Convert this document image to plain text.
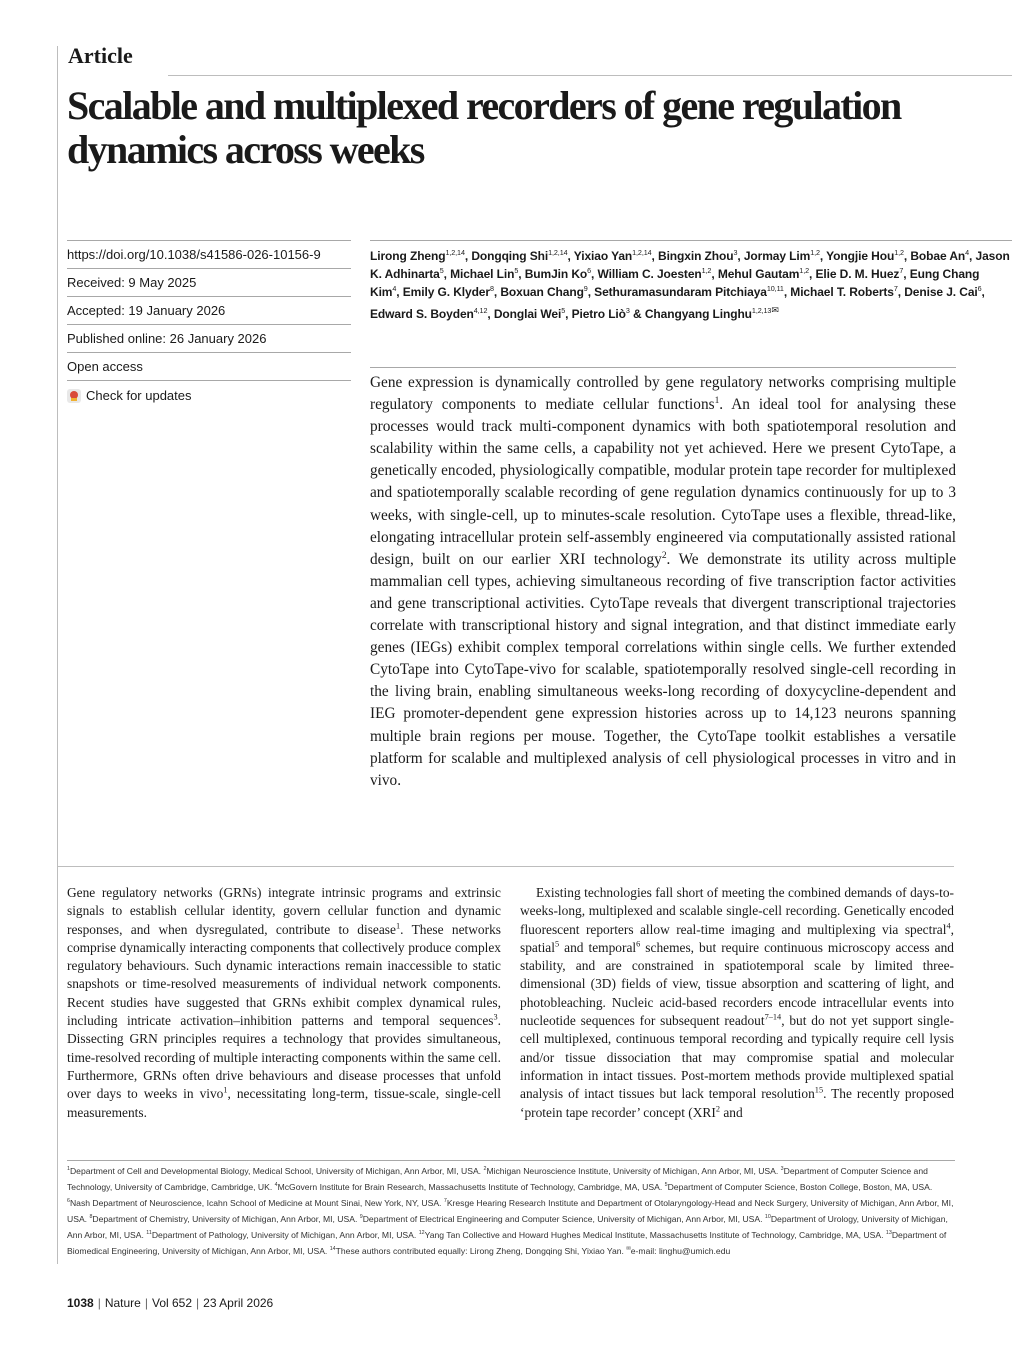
Article
Scalable and multiplexed recorders of gene regulation dynamics across weeks
https://doi.org/10.1038/s41586-026-10156-9
Received: 9 May 2025
Accepted: 19 January 2026
Published online: 26 January 2026
Open access
Check for updates

Lirong Zheng$^{1,2,14}$, Dongqing Shi$^{1,2,14}$, Yixiao Yan$^{1,2,14}$, Bingxin Zhou$^3$, Jormay Lim$^{1,2}$, Yongjie Hou$^{1,2}$, Bobae An$^4$, Jason K. Adhinarta$^5$, Michael Lin$^5$, BumJin Ko$^6$, William C. Joesten$^{1,2}$, Mehul Gautam$^{1,2}$, Elie D. M. Huez$^7$, Eung Chang Kim$^4$, Emily G. Klyder$^8$, Boxuan Chang$^9$, Sethuramasundaram Pitchiaya$^{10,11}$, Michael T. Roberts$^7$, Denise J. Cai$^6$, Edward S. Boyden$^{4,12}$, Donglai Wei$^5$, Pietro Liò$^3$ & Changyang Linghu$^{1,2,13✉}$

Gene expression is dynamically controlled by gene regulatory networks comprising multiple regulatory components to mediate cellular functions$^1$. An ideal tool for analysing these processes would track multi-component dynamics with both spatiotemporal resolution and scalability within the same cells, a capability not yet achieved. Here we present CytoTape, a genetically encoded, physiologically compatible, modular protein tape recorder for multiplexed and spatiotemporally scalable recording of gene regulation dynamics continuously for up to 3 weeks, with single-cell, up to minutes-scale resolution. CytoTape uses a flexible, thread-like, elongating intracellular protein self-assembly engineered via computationally assisted rational design, built on our earlier XRI technology$^2$. We demonstrate its utility across multiple mammalian cell types, achieving simultaneous recording of five transcription factor activities and gene transcriptional activities. CytoTape reveals that divergent transcriptional trajectories correlate with transcriptional history and signal integration, and that distinct immediate early genes (IEGs) exhibit complex temporal correlations within single cells. We further extended CytoTape into CytoTape-vivo for scalable, spatiotemporally resolved single-cell recording in the living brain, enabling simultaneous weeks-long recording of doxycycline-dependent and IEG promoter-dependent gene expression histories across up to 14,123 neurons spanning multiple brain regions per mouse. Together, the CytoTape toolkit establishes a versatile platform for scalable and multiplexed analysis of cell physiological processes in vitro and in vivo.

Gene regulatory networks (GRNs) integrate intrinsic programs and extrinsic signals to establish cellular identity, govern cellular function and dynamic responses, and when dysregulated, contribute to disease$^1$. These networks comprise dynamically interacting components that collectively produce complex regulatory behaviours. Such dynamic interactions remain inaccessible to static snapshots or time-resolved measurements of individual network components. Recent studies have suggested that GRNs exhibit complex dynamical rules, including intricate activation–inhibition patterns and temporal sequences$^3$. Dissecting GRN principles requires a technology that provides simultaneous, time-resolved recording of multiple interacting components within the same cell. Furthermore, GRNs often drive behaviours and disease processes that unfold over days to weeks in vivo$^1$, necessitating long-term, tissue-scale, single-cell measurements.

Existing technologies fall short of meeting the combined demands of days-to-weeks-long, multiplexed and scalable single-cell recording. Genetically encoded fluorescent reporters allow real-time imaging and multiplexing via spectral$^4$, spatial$^5$ and temporal$^6$ schemes, but require continuous microscopy access and stability, and are constrained in spatiotemporal scale by limited three-dimensional (3D) fields of view, tissue absorption and scattering of light, and photobleaching. Nucleic acid-based recorders encode intracellular events into nucleotide sequences for subsequent readout$^{7-14}$, but do not yet support single-cell multiplexed, continuous temporal recording and typically require cell lysis and/or tissue dissociation that may compromise spatial and molecular information in intact tissues. Post-mortem methods provide multiplexed spatial analysis of intact tissues but lack temporal resolution$^{15}$. The recently proposed ‘protein tape recorder’ concept (XRI$^2$ and

$^1$Department of Cell and Developmental Biology, Medical School, University of Michigan, Ann Arbor, MI, USA. $^2$Michigan Neuroscience Institute, University of Michigan, Ann Arbor, MI, USA. $^3$Department of Computer Science and Technology, University of Cambridge, Cambridge, UK. $^4$McGovern Institute for Brain Research, Massachusetts Institute of Technology, Cambridge, MA, USA. $^5$Department of Computer Science, Boston College, Boston, MA, USA. $^6$Nash Department of Neuroscience, Icahn School of Medicine at Mount Sinai, New York, NY, USA. $^7$Kresge Hearing Research Institute and Department of Otolaryngology-Head and Neck Surgery, University of Michigan, Ann Arbor, MI, USA. $^8$Department of Chemistry, University of Michigan, Ann Arbor, MI, USA. $^9$Department of Electrical Engineering and Computer Science, University of Michigan, Ann Arbor, MI, USA. $^{10}$Department of Urology, University of Michigan, Ann Arbor, MI, USA. $^{11}$Department of Pathology, University of Michigan, Ann Arbor, MI, USA. $^{12}$Yang Tan Collective and Howard Hughes Medical Institute, Massachusetts Institute of Technology, Cambridge, MA, USA. $^{13}$Department of Biomedical Engineering, University of Michigan, Ann Arbor, MI, USA. $^{14}$These authors contributed equally: Lirong Zheng, Dongqing Shi, Yixiao Yan. ✉e-mail: linghu@umich.edu

1038 | Nature | Vol 652 | 23 April 2026
